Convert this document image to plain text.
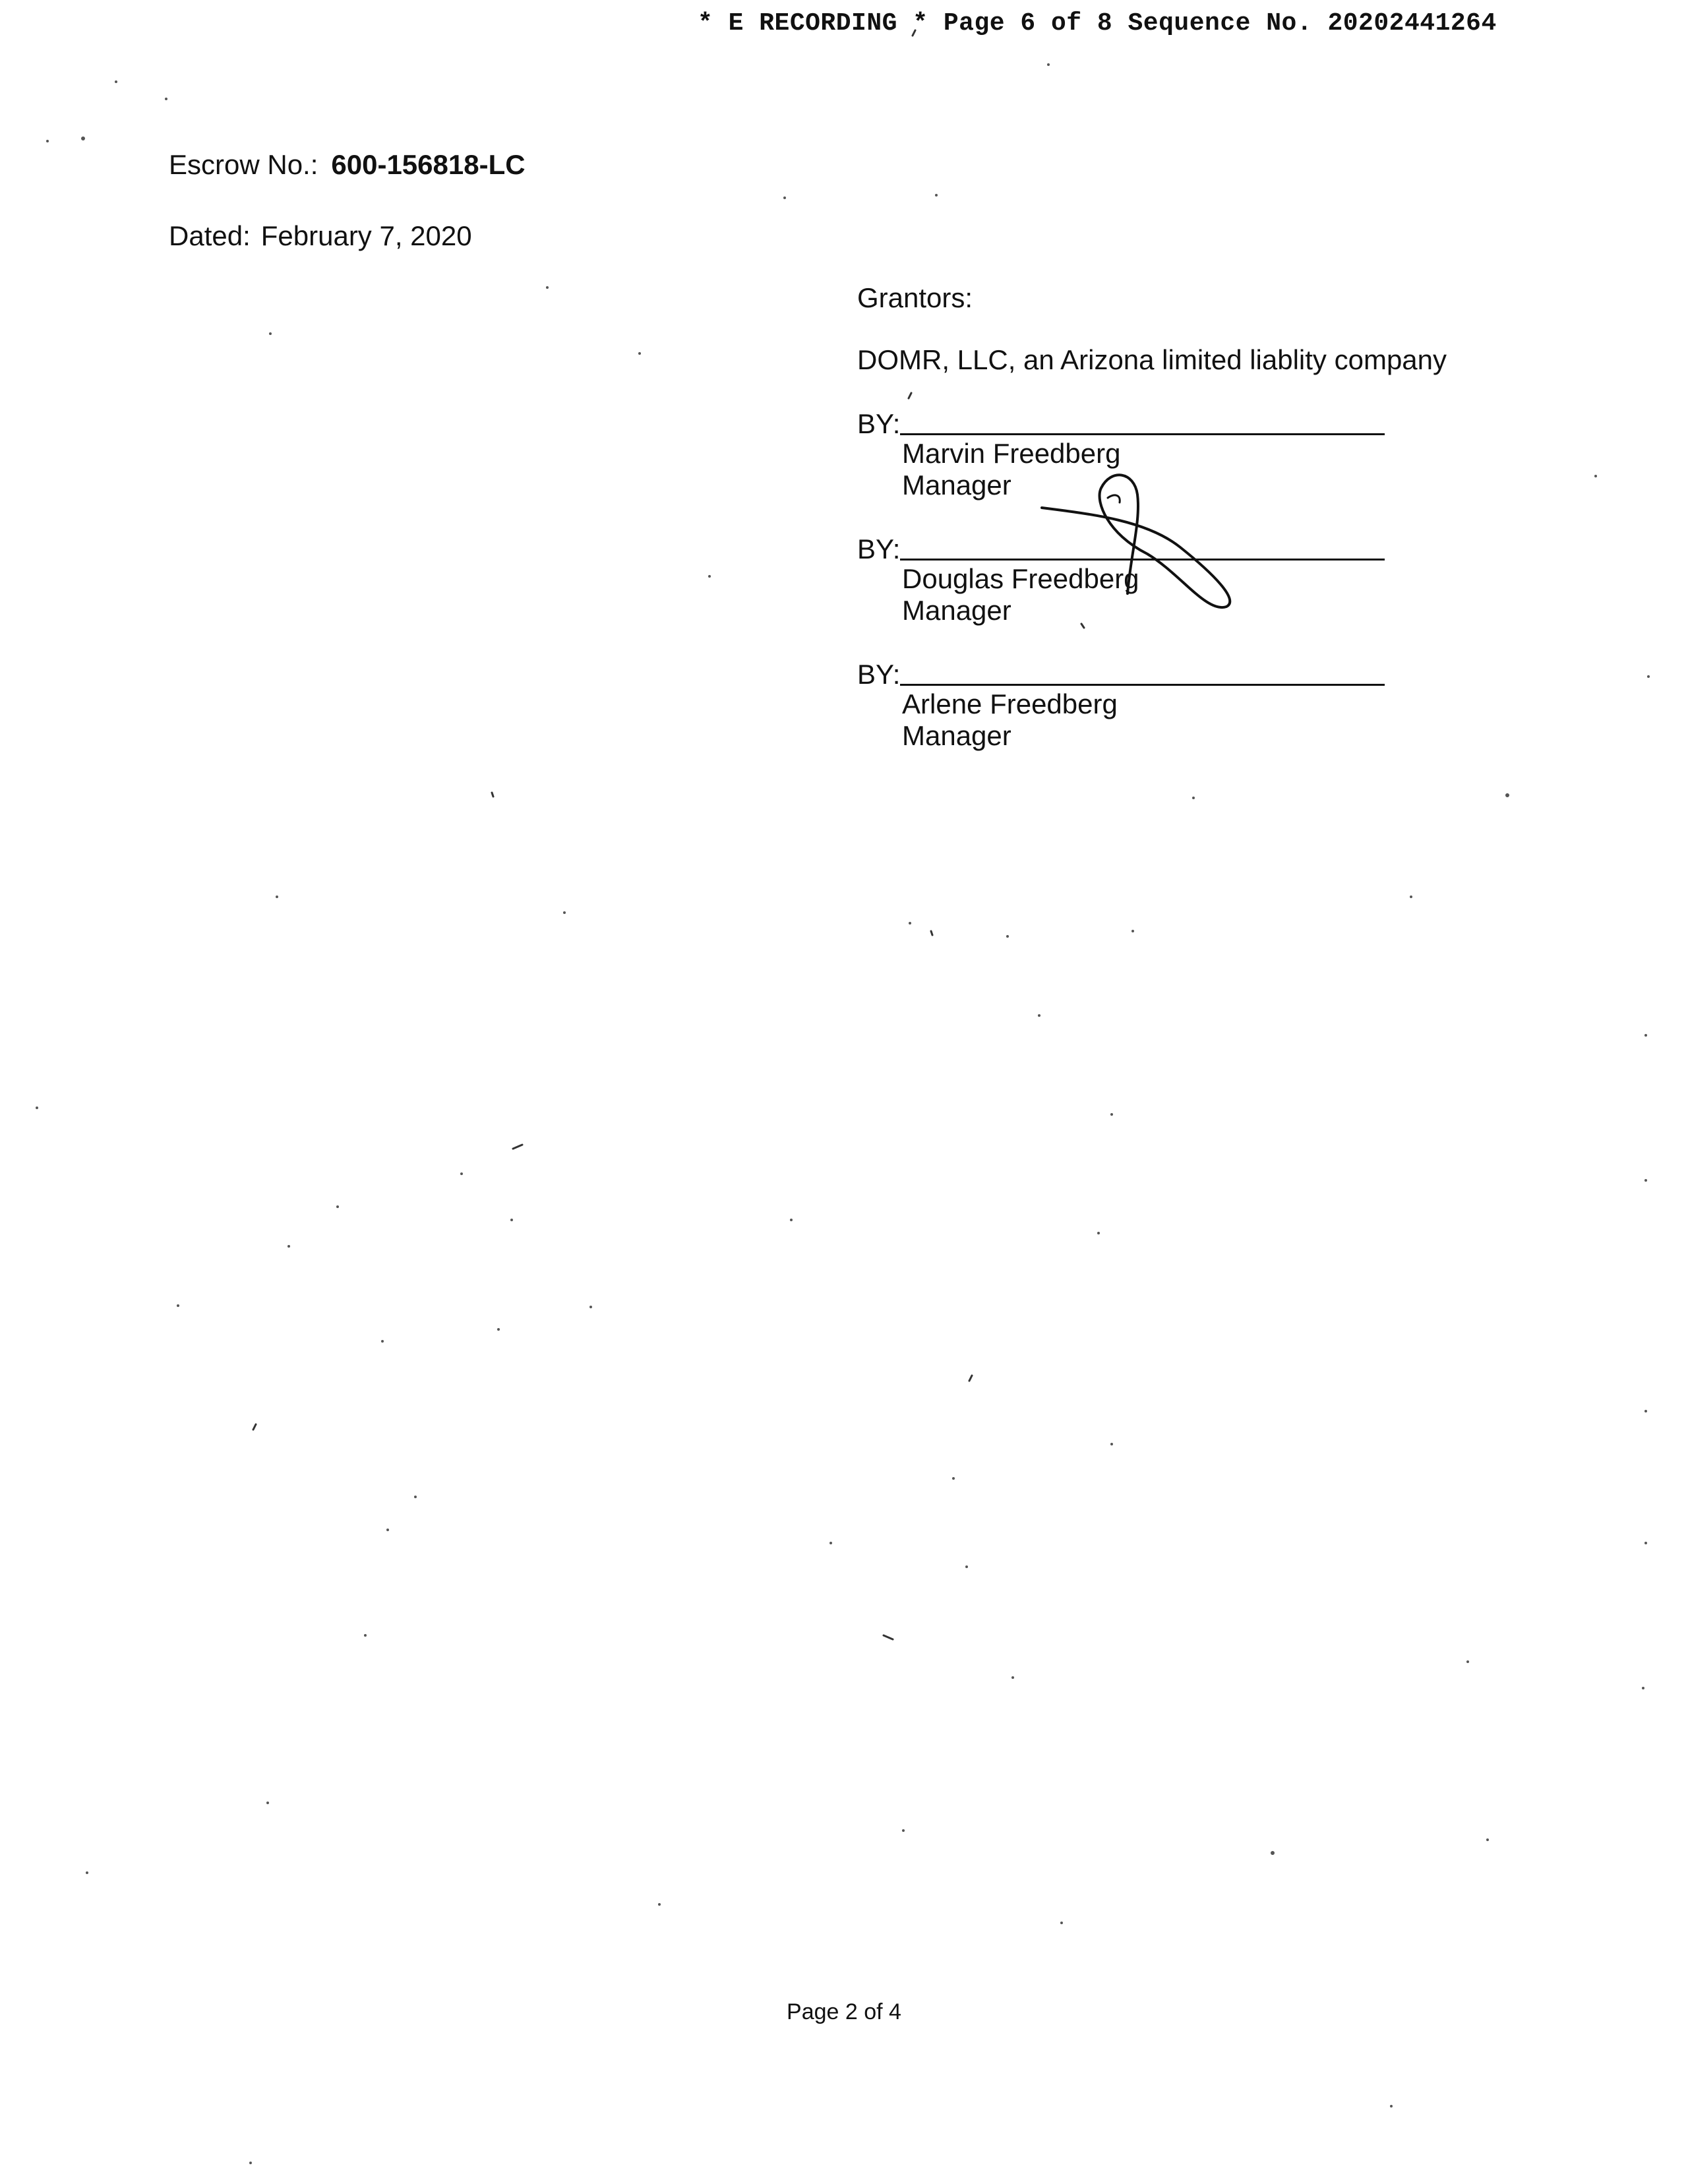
* E RECORDING * Page 6 of 8 Sequence No. 20202441264
Escrow No.: 600-156818-LC
Dated: February 7, 2020
Grantors:
DOMR, LLC, an Arizona limited liablity company
BY:
Marvin Freedberg
Manager
BY:
Douglas Freedberg
Manager
BY:
Arlene Freedberg
Manager
Page 2 of 4
